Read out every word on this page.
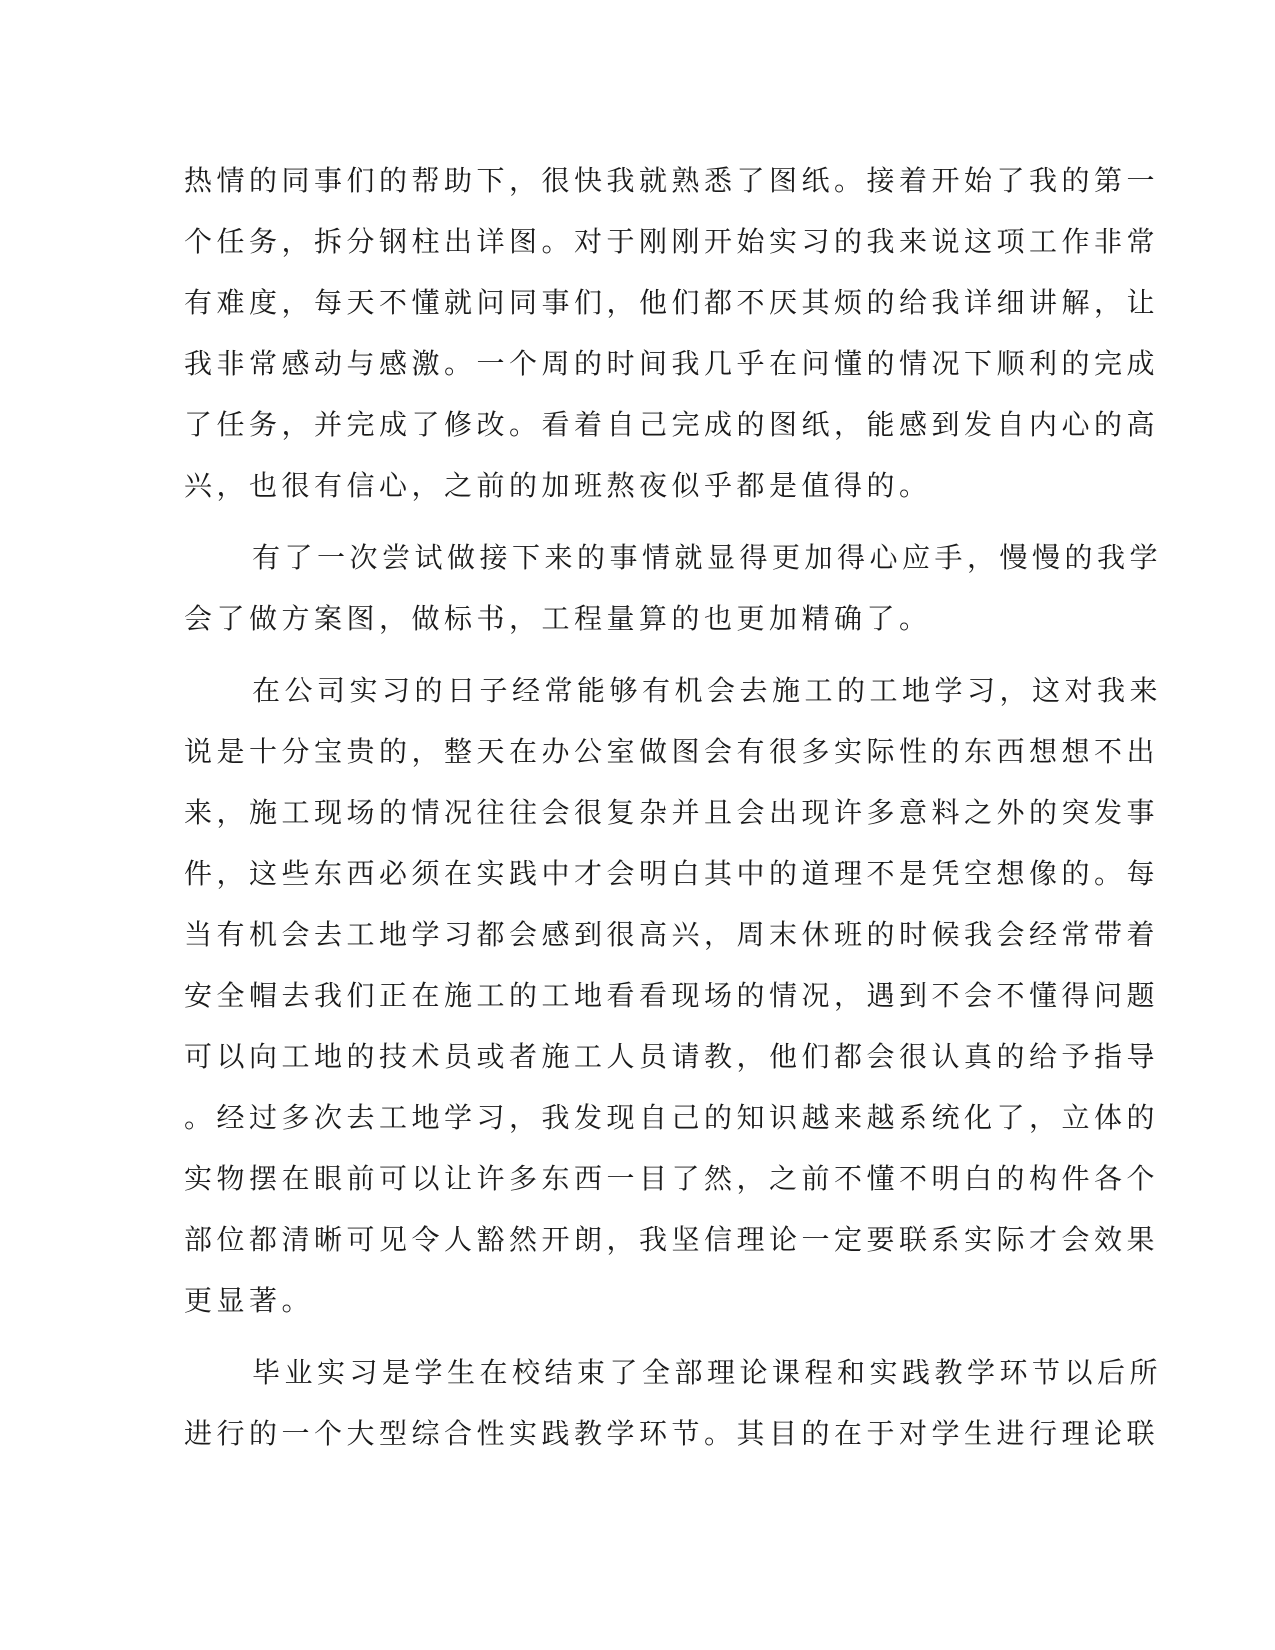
热情的同事们的帮助下，很快我就熟悉了图纸。接着开始了我的第一
个任务，拆分钢柱出详图。对于刚刚开始实习的我来说这项工作非常
有难度，每天不懂就问同事们，他们都不厌其烦的给我详细讲解，让
我非常感动与感激。一个周的时间我几乎在问懂的情况下顺利的完成
了任务，并完成了修改。看着自己完成的图纸，能感到发自内心的高
兴，也很有信心，之前的加班熬夜似乎都是值得的。
有了一次尝试做接下来的事情就显得更加得心应手，慢慢的我学
会了做方案图，做标书，工程量算的也更加精确了。
在公司实习的日子经常能够有机会去施工的工地学习，这对我来
说是十分宝贵的，整天在办公室做图会有很多实际性的东西想想不出
来，施工现场的情况往往会很复杂并且会出现许多意料之外的突发事
件，这些东西必须在实践中才会明白其中的道理不是凭空想像的。每
当有机会去工地学习都会感到很高兴，周末休班的时候我会经常带着
安全帽去我们正在施工的工地看看现场的情况，遇到不会不懂得问题
可以向工地的技术员或者施工人员请教，他们都会很认真的给予指导
。经过多次去工地学习，我发现自己的知识越来越系统化了，立体的
实物摆在眼前可以让许多东西一目了然，之前不懂不明白的构件各个
部位都清晰可见令人豁然开朗，我坚信理论一定要联系实际才会效果
更显著。
毕业实习是学生在校结束了全部理论课程和实践教学环节以后所
进行的一个大型综合性实践教学环节。其目的在于对学生进行理论联
